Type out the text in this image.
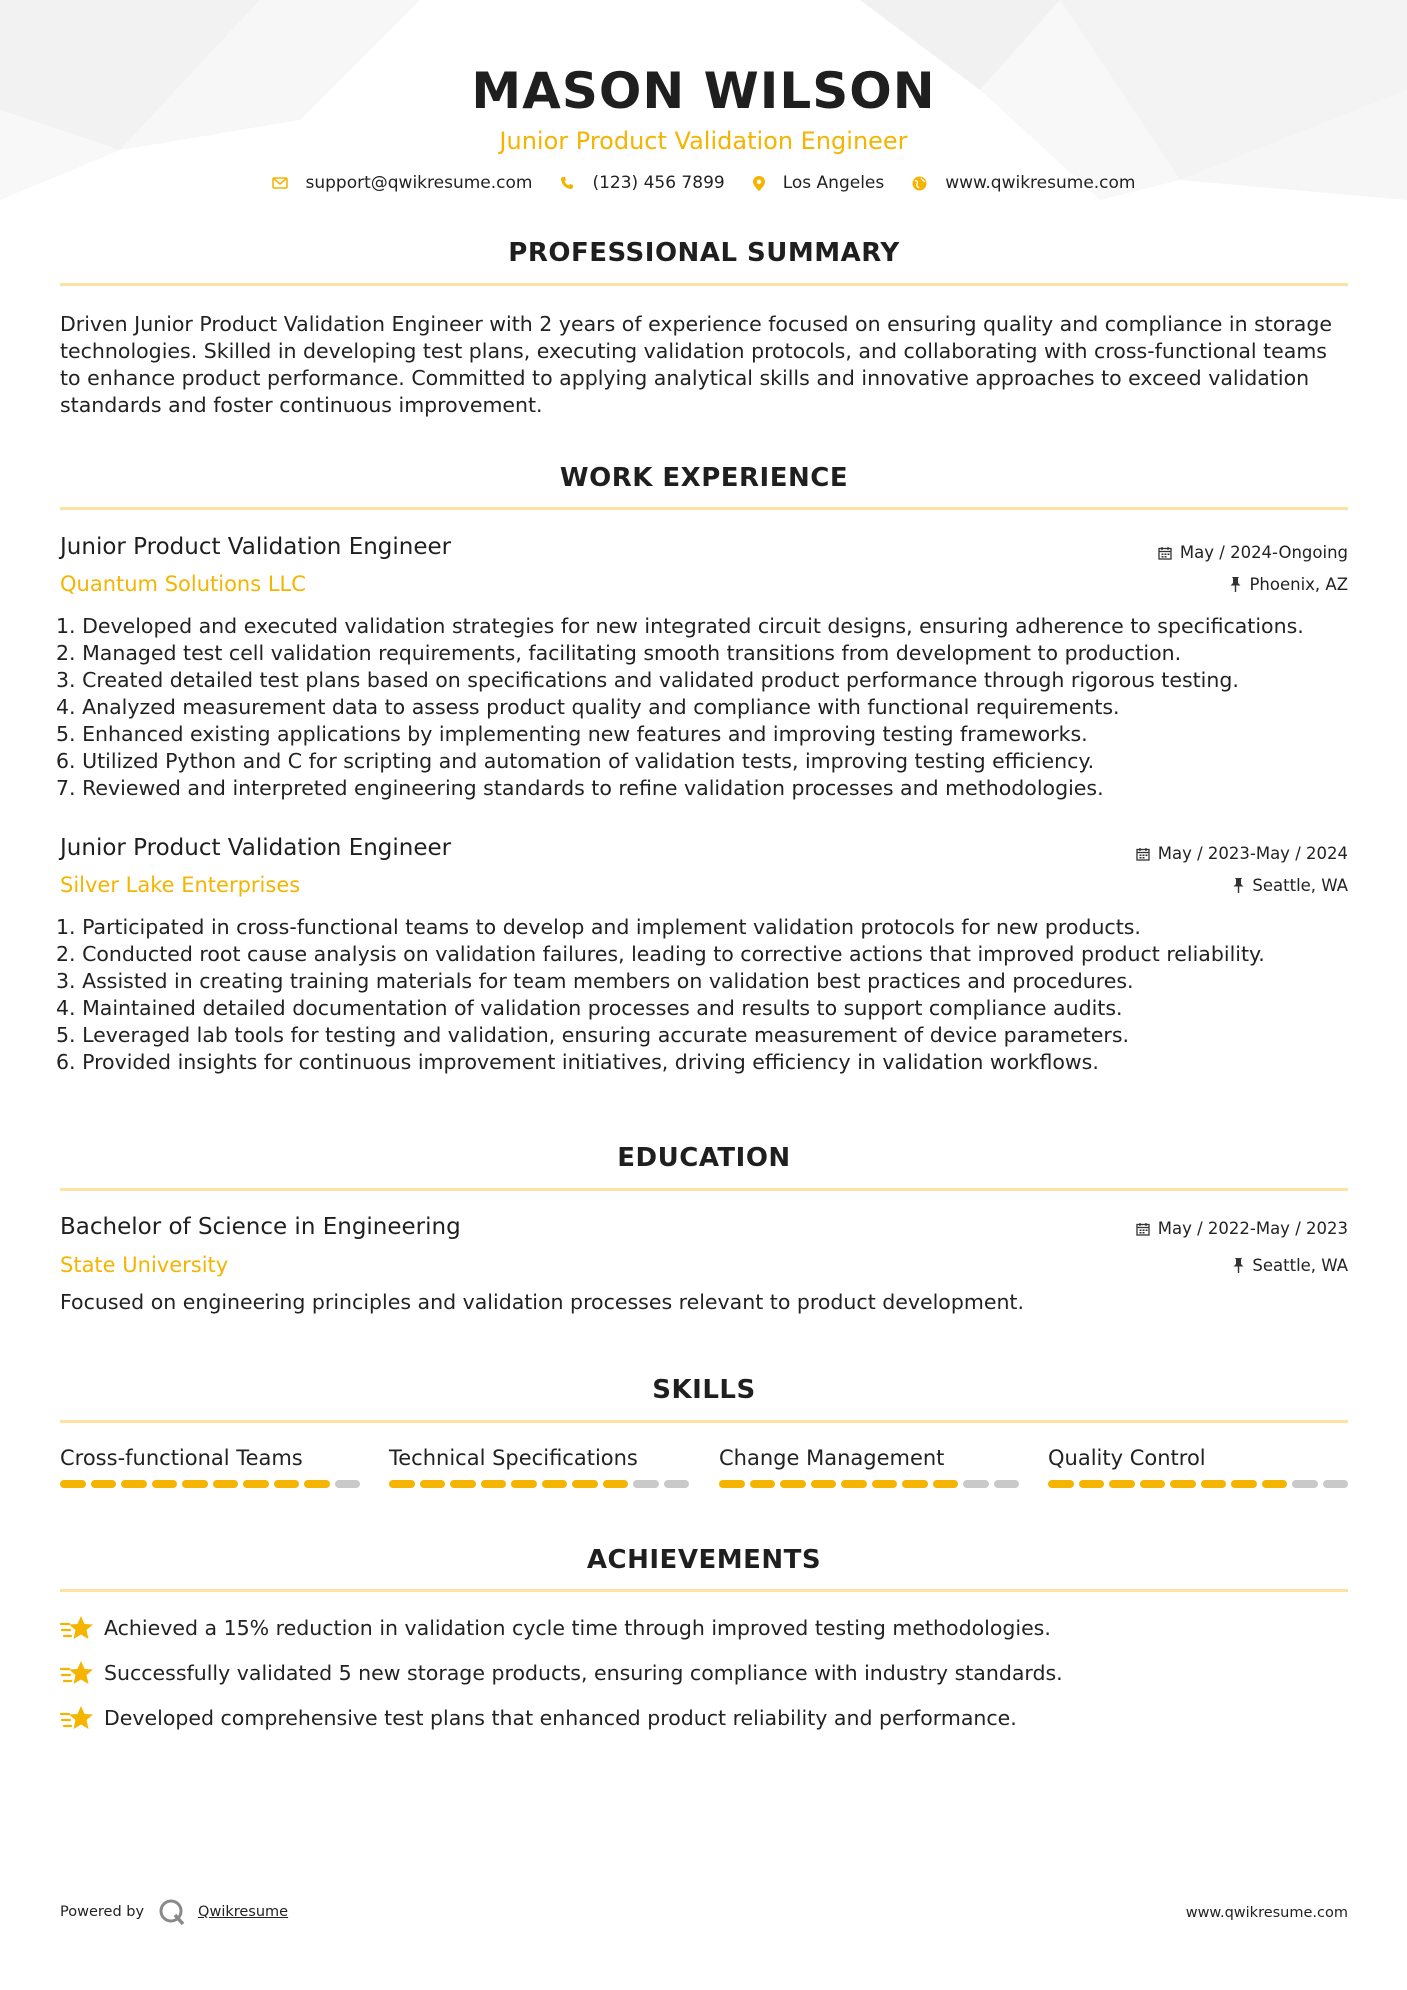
MASON WILSON
Junior Product Validation Engineer
support@qwikresume.com	(123) 456 7899	Los Angeles	www.qwikresume.com
PROFESSIONAL SUMMARY
Driven Junior Product Validation Engineer with 2 years of experience focused on ensuring quality and compliance in storage technologies. Skilled in developing test plans, executing validation protocols, and collaborating with cross-functional teams to enhance product performance. Committed to applying analytical skills and innovative approaches to exceed validation standards and foster continuous improvement.
WORK EXPERIENCE
Junior Product Validation Engineer	May / 2024-Ongoing
Quantum Solutions LLC	Phoenix, AZ
1. Developed and executed validation strategies for new integrated circuit designs, ensuring adherence to specifications.
2. Managed test cell validation requirements, facilitating smooth transitions from development to production.
3. Created detailed test plans based on specifications and validated product performance through rigorous testing.
4. Analyzed measurement data to assess product quality and compliance with functional requirements.
5. Enhanced existing applications by implementing new features and improving testing frameworks.
6. Utilized Python and C for scripting and automation of validation tests, improving testing efficiency.
7. Reviewed and interpreted engineering standards to refine validation processes and methodologies.
Junior Product Validation Engineer	May / 2023-May / 2024
Silver Lake Enterprises	Seattle, WA
1. Participated in cross-functional teams to develop and implement validation protocols for new products.
2. Conducted root cause analysis on validation failures, leading to corrective actions that improved product reliability.
3. Assisted in creating training materials for team members on validation best practices and procedures.
4. Maintained detailed documentation of validation processes and results to support compliance audits.
5. Leveraged lab tools for testing and validation, ensuring accurate measurement of device parameters.
6. Provided insights for continuous improvement initiatives, driving efficiency in validation workflows.
EDUCATION
Bachelor of Science in Engineering	May / 2022-May / 2023
State University	Seattle, WA
Focused on engineering principles and validation processes relevant to product development.
SKILLS
Cross-functional Teams	Technical Specifications	Change Management	Quality Control
ACHIEVEMENTS
Achieved a 15% reduction in validation cycle time through improved testing methodologies.
Successfully validated 5 new storage products, ensuring compliance with industry standards.
Developed comprehensive test plans that enhanced product reliability and performance.
Powered by	Qwikresume	www.qwikresume.com
